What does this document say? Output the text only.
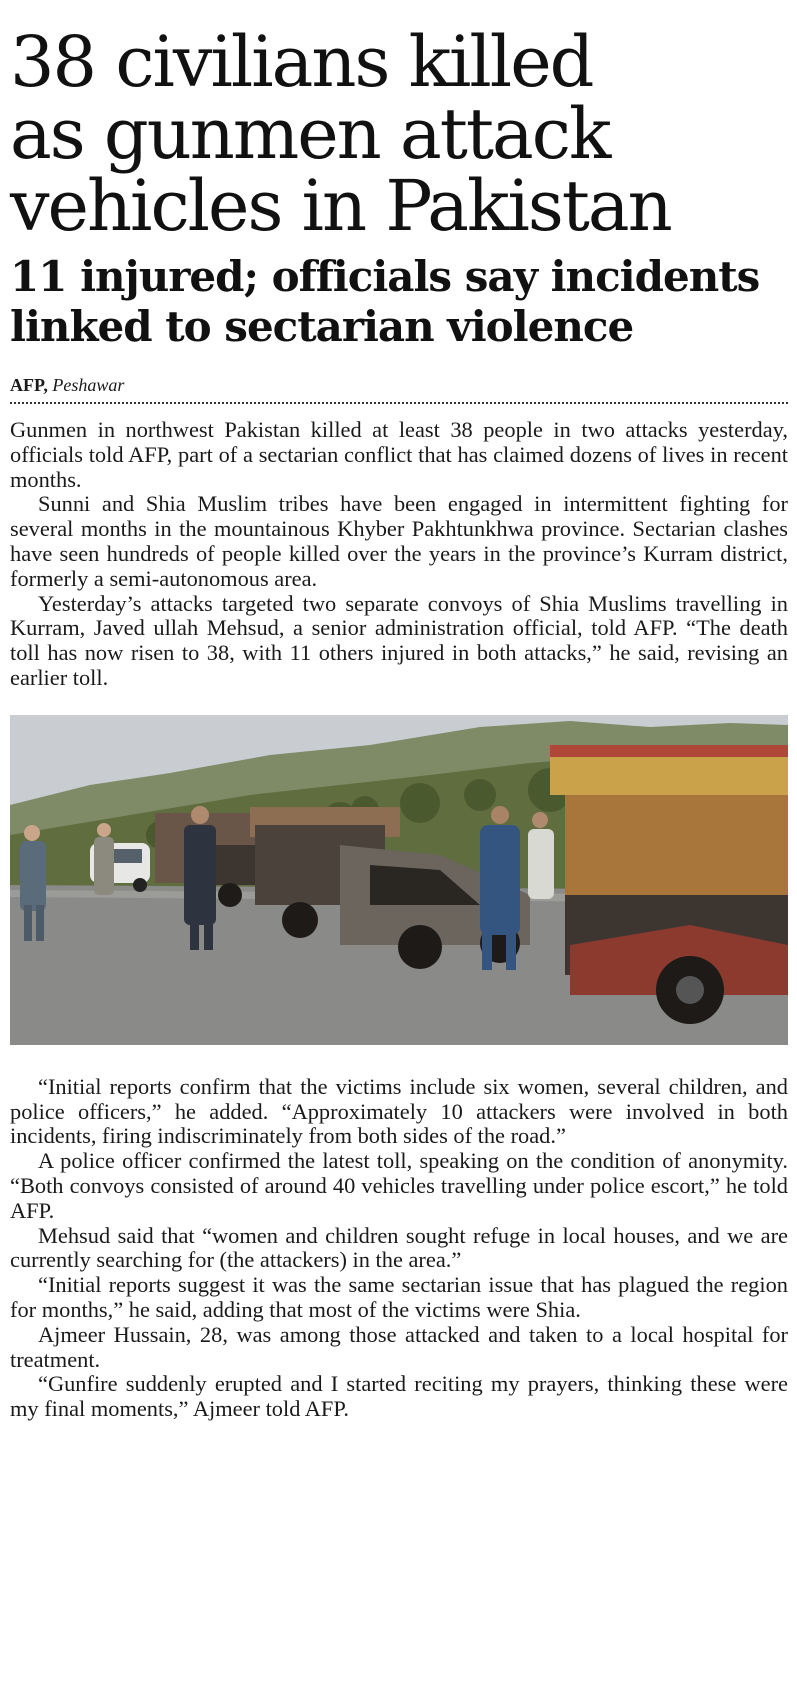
38 civilians killed
as gunmen attack
vehicles in Pakistan
11 injured; officials say incidents
linked to sectarian violence
AFP, Peshawar

Gunmen in northwest Pakistan killed at least 38 people in two attacks yesterday, officials told AFP, part of a sectarian conflict that has claimed dozens of lives in recent months.

Sunni and Shia Muslim tribes have been engaged in intermittent fighting for several months in the mountainous Khyber Pakhtunkhwa province. Sectarian clashes have seen hundreds of people killed over the years in the province’s Kurram district, formerly a semi-autonomous area.

Yesterday’s attacks targeted two separate convoys of Shia Muslims travelling in Kurram, Javed ullah Mehsud, a senior administration official, told AFP. “The death toll has now risen to 38, with 11 others injured in both attacks,” he said, revising an earlier toll.

“Initial reports confirm that the victims include six women, several children, and police officers,” he added. “Approximately 10 attackers were involved in both incidents, firing indiscriminately from both sides of the road.”

A police officer confirmed the latest toll, speaking on the condition of anonymity. “Both convoys consisted of around 40 vehicles travelling under police escort,” he told AFP.

Mehsud said that “women and children sought refuge in local houses, and we are currently searching for (the attackers) in the area.”

“Initial reports suggest it was the same sectarian issue that has plagued the region for months,” he said, adding that most of the victims were Shia.

Ajmeer Hussain, 28, was among those attacked and taken to a local hospital for treatment.

“Gunfire suddenly erupted and I started reciting my prayers, thinking these were my final moments,” Ajmeer told AFP.
